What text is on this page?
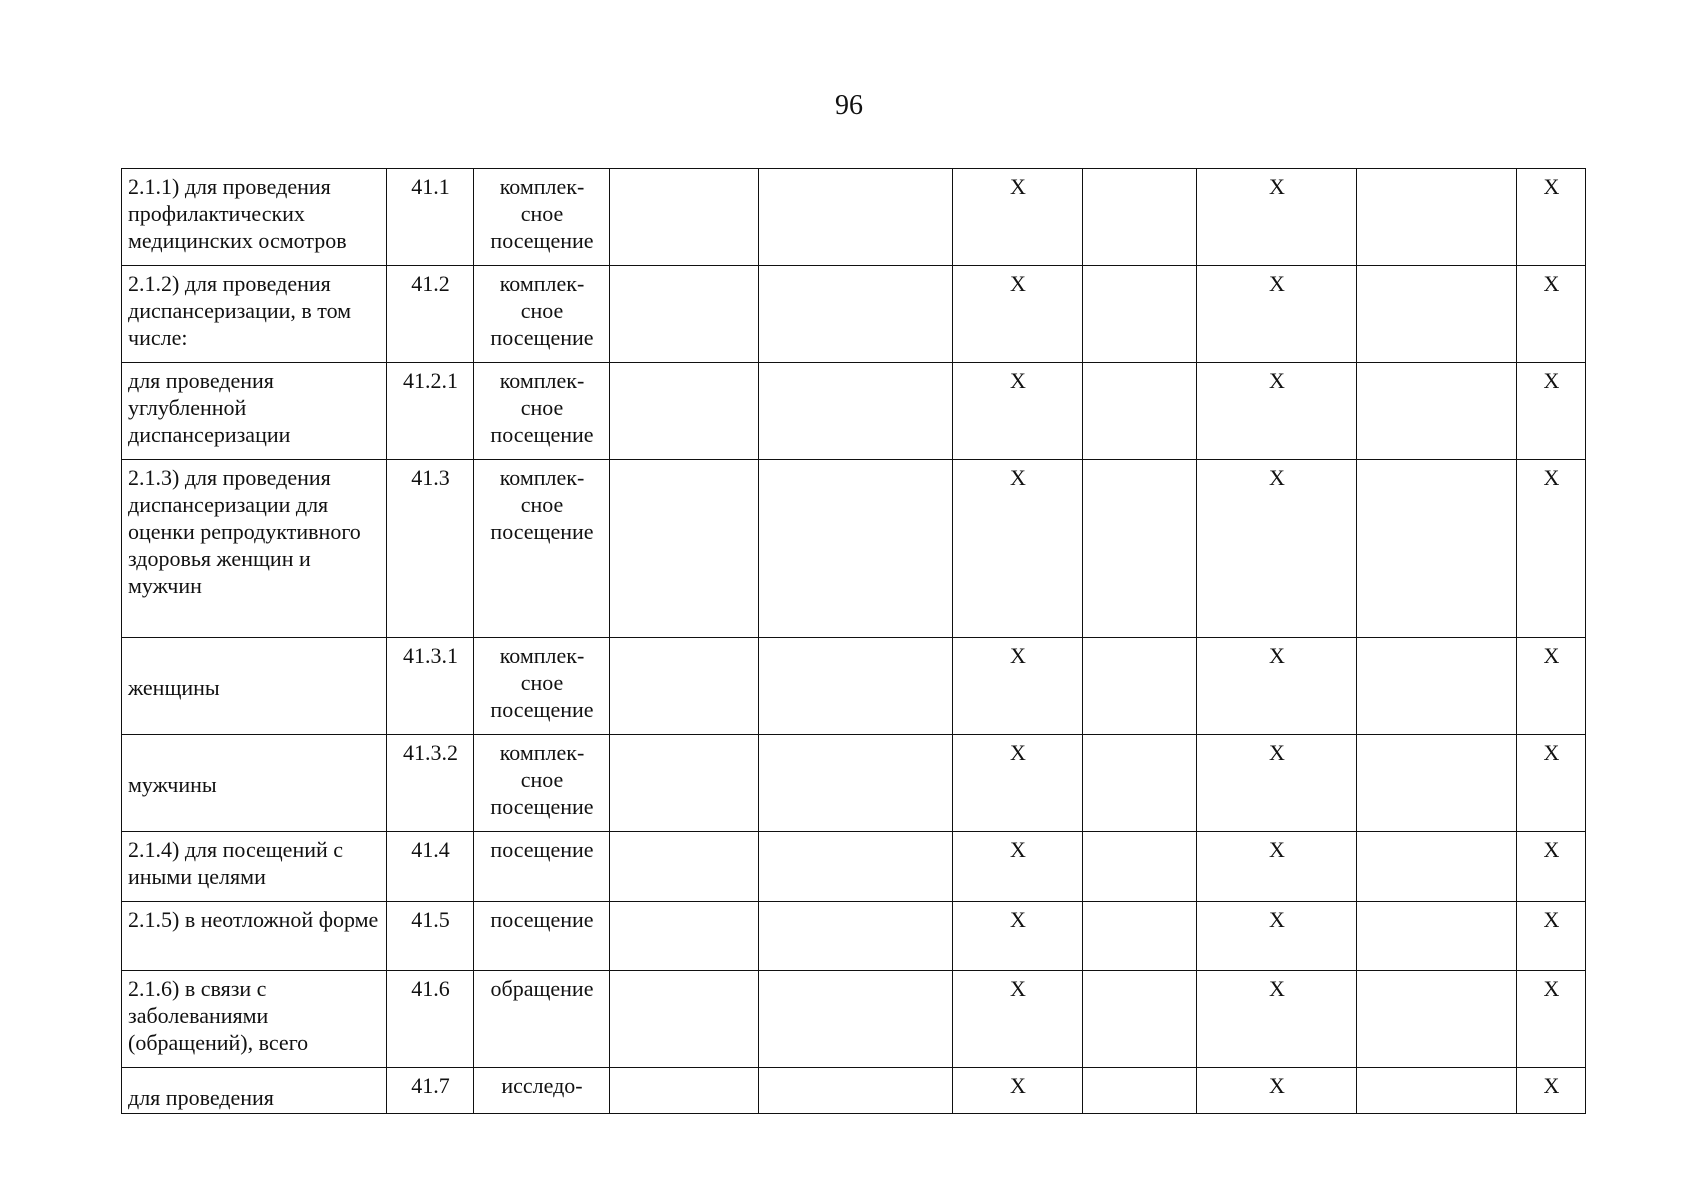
96
2.1.1) для проведения профилактических медицинских осмотров	41.1	комплек-
сное
посещение			X		X		X
2.1.2) для проведения диспансеризации, в том числе:	41.2	комплек-
сное
посещение			X		X		X
для проведения углубленной диспансеризации	41.2.1	комплек-
сное
посещение			X		X		X
2.1.3) для проведения диспансеризации для оценки репродуктивного здоровья женщин и мужчин	41.3	комплек-
сное
посещение			X		X		X
женщины	41.3.1	комплек-
сное
посещение			X		X		X
мужчины	41.3.2	комплек-
сное
посещение			X		X		X
2.1.4) для посещений с иными целями	41.4	посещение			X		X		X
2.1.5) в неотложной форме	41.5	посещение			X		X		X
2.1.6) в связи с заболеваниями (обращений), всего	41.6	обращение			X		X		X
для проведения	41.7	исследо-			X		X		X
